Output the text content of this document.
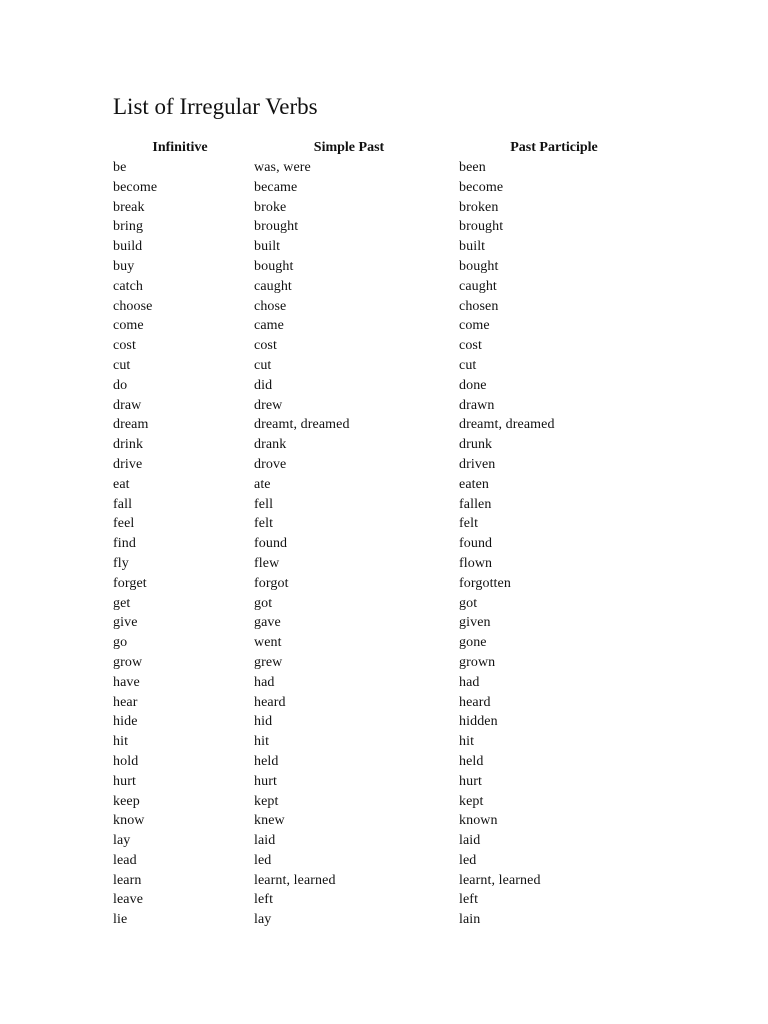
List of Irregular Verbs
Infinitive	Simple Past	Past Participle
be	was, were	been
become	became	become
break	broke	broken
bring	brought	brought
build	built	built
buy	bought	bought
catch	caught	caught
choose	chose	chosen
come	came	come
cost	cost	cost
cut	cut	cut
do	did	done
draw	drew	drawn
dream	dreamt, dreamed	dreamt, dreamed
drink	drank	drunk
drive	drove	driven
eat	ate	eaten
fall	fell	fallen
feel	felt	felt
find	found	found
fly	flew	flown
forget	forgot	forgotten
get	got	got
give	gave	given
go	went	gone
grow	grew	grown
have	had	had
hear	heard	heard
hide	hid	hidden
hit	hit	hit
hold	held	held
hurt	hurt	hurt
keep	kept	kept
know	knew	known
lay	laid	laid
lead	led	led
learn	learnt, learned	learnt, learned
leave	left	left
lie	lay	lain
